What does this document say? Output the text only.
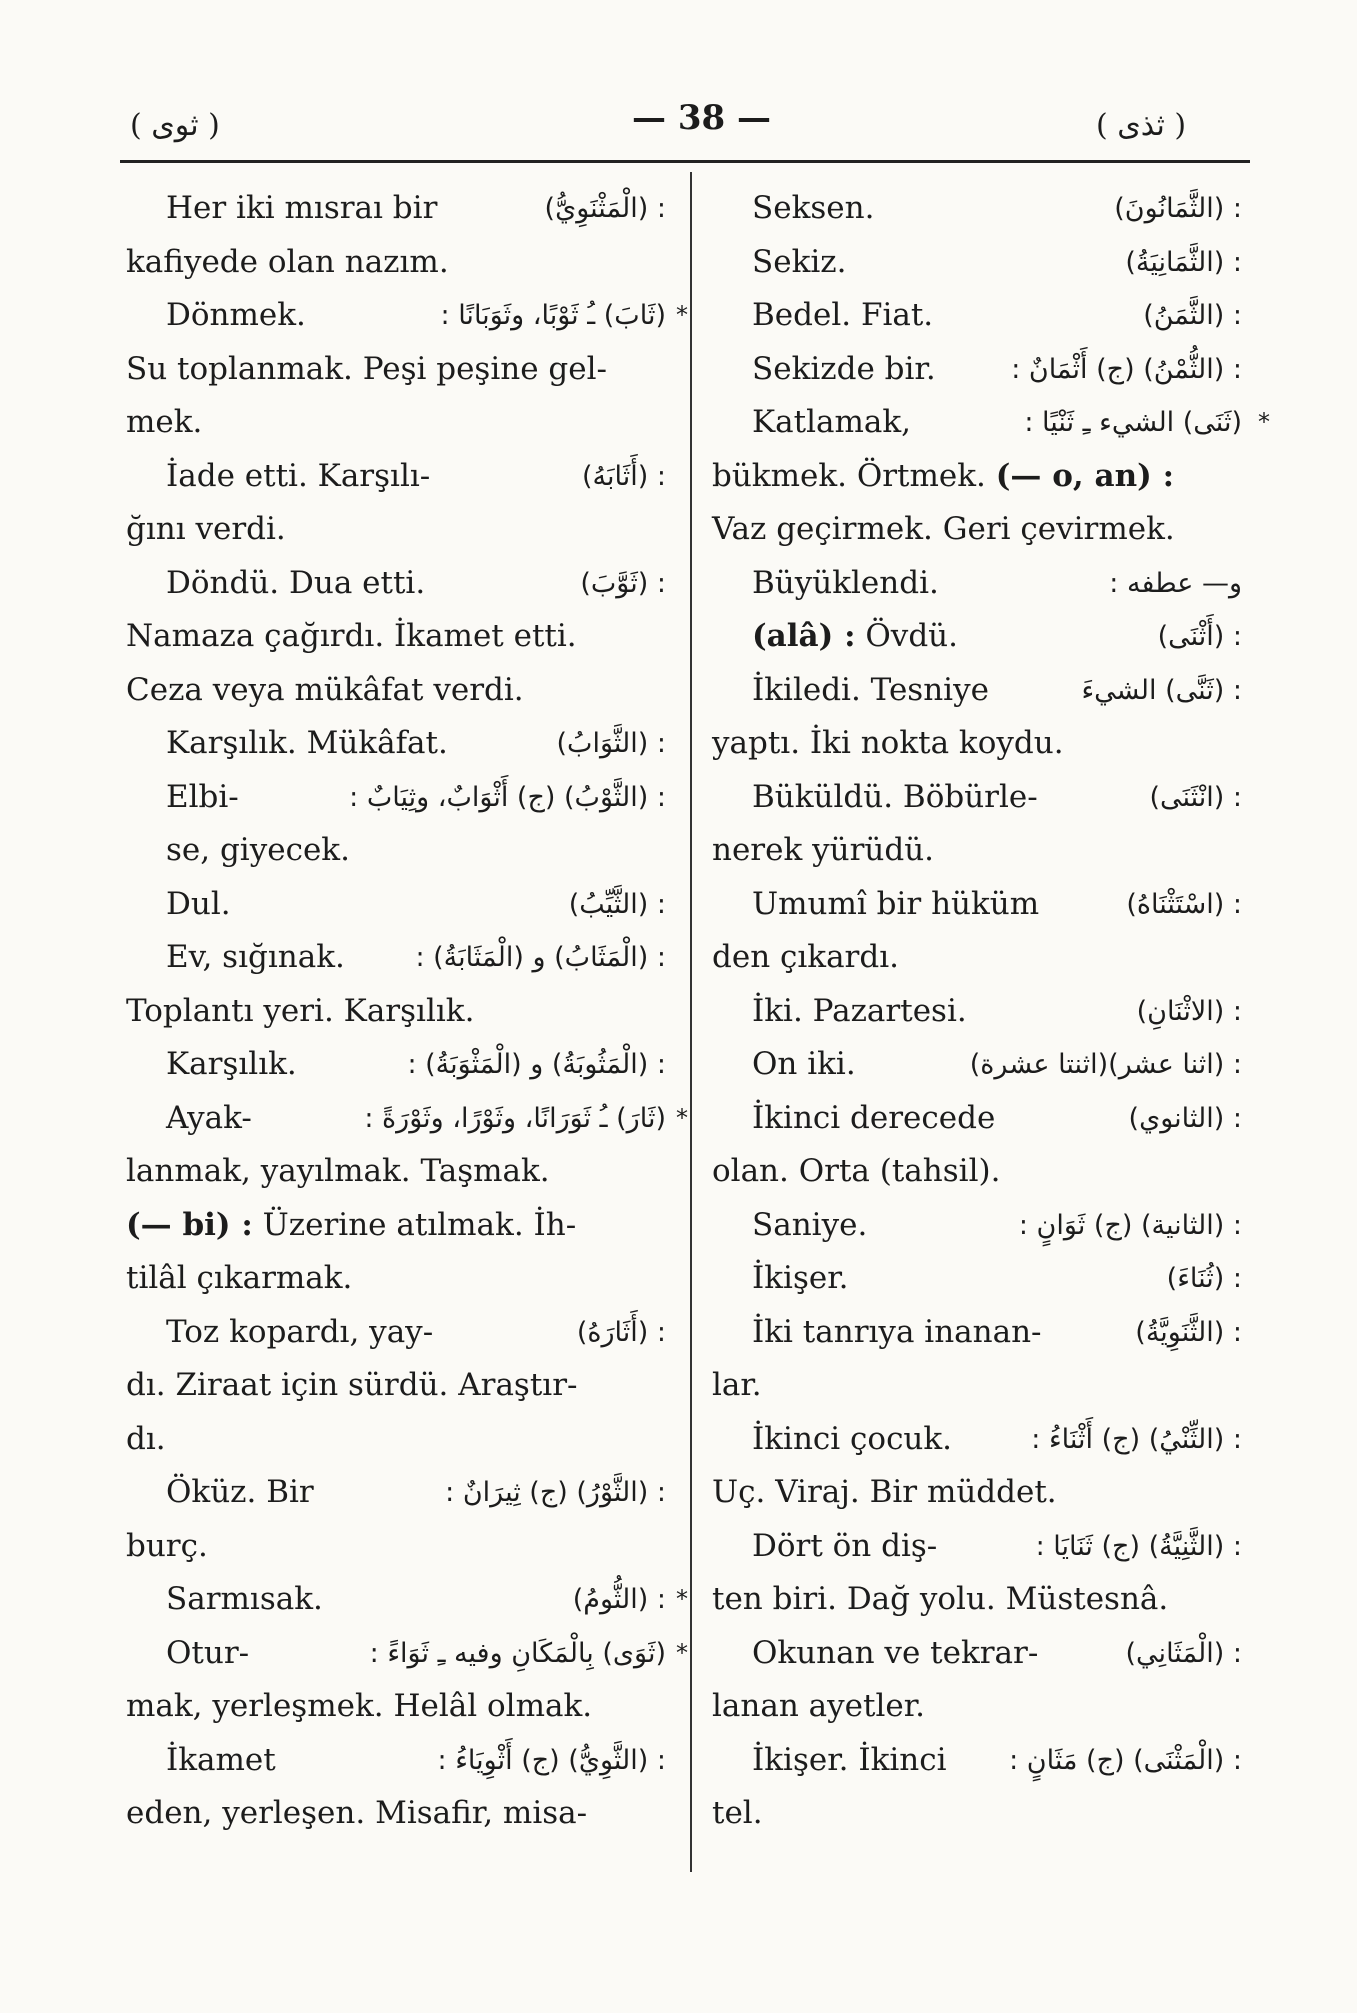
( ثوى )	— 38 —	( ثذى )
Her iki mısraı bir	: (الْمَثْنَوِيُّ)
kafiyede olan nazım.
Dönmek.	(ثَابَ) ـُ ثَوْبًا، وثَوَبَانًا : *
Su toplanmak. Peşi peşine gel-
mek.
İade etti. Karşılı-	: (أَثَابَهُ)
ğını verdi.
Döndü. Dua etti.	: (ثَوَّبَ)
Namaza çağırdı. İkamet etti.
Ceza veya mükâfat verdi.
Karşılık. Mükâfat.	: (الثَّوَابُ)
Elbi-	: (الثَّوْبُ) (ج) أَثْوَابٌ، وثِيَابٌ :
se, giyecek.
Dul.	: (الثَّيِّبُ)
Ev, sığınak.	: (الْمَثَابُ) و (الْمَثَابَةُ) :
Toplantı yeri. Karşılık.
Karşılık.	: (الْمَثُوبَةُ) و (الْمَثْوَبَةُ) :
Ayak-	(ثَارَ) ـُ ثَوَرَانًا، وثَوْرًا، وثَوْرَةً : *
lanmak, yayılmak. Taşmak.
(— bi) : Üzerine atılmak. İh-
tilâl çıkarmak.
Toz kopardı, yay-	: (أَثَارَهُ)
dı. Ziraat için sürdü. Araştır-
dı.
Öküz. Bir	: (الثَّوْرُ) (ج) ثِيرَانٌ :
burç.
Sarmısak.	: (الثُّومُ) *
Otur-	(ثَوَى) بِالْمَكَانِ وفيه ـِ ثَوَاءً : *
mak, yerleşmek. Helâl olmak.
İkamet	: (الثَّوِيُّ) (ج) أَثْوِيَاءُ :
eden, yerleşen. Misafir, misa-
Seksen.	: (الثَّمَانُونَ)
Sekiz.	: (الثَّمَانِيَةُ)
Bedel. Fiat.	: (الثَّمَنُ)
Sekizde bir.	: (الثُّمْنُ) (ج) أَثْمَانٌ :
Katlamak,	(ثَنَى) الشيء ـِ ثَنْيًا : *
bükmek. Örtmek. (— o, an) :
Vaz geçirmek. Geri çevirmek.
Büyüklendi.	و— عطفه :
(alâ) : Övdü.	: (أَثْنَى)
İkiledi. Tesniye	: (ثَنَّى) الشيءَ
yaptı. İki nokta koydu.
Büküldü. Böbürle-	: (انْثَنَى)
nerek yürüdü.
Umumî bir hüküm	: (اسْتَثْنَاهُ)
den çıkardı.
İki. Pazartesi.	: (الاثْنَانِ)
On iki.	: (اثنا عشر)(اثنتا عشرة)
İkinci derecede	: (الثانوي)
olan. Orta (tahsil).
Saniye.	: (الثانية) (ج) ثَوَانٍ :
İkişer.	: (ثُنَاءَ)
İki tanrıya inanan-	: (الثَّنَوِيَّةُ)
lar.
İkinci çocuk.	: (الثِّنْيُ) (ج) أَثْنَاءُ :
Uç. Viraj. Bir müddet.
Dört ön diş-	: (الثَّنِيَّةُ) (ج) ثَنَايَا :
ten biri. Dağ yolu. Müstesnâ.
Okunan ve tekrar-	: (الْمَثَانِي)
lanan ayetler.
İkişer. İkinci : (الْمَثْنَى) (ج) مَثَانٍ :
tel.
